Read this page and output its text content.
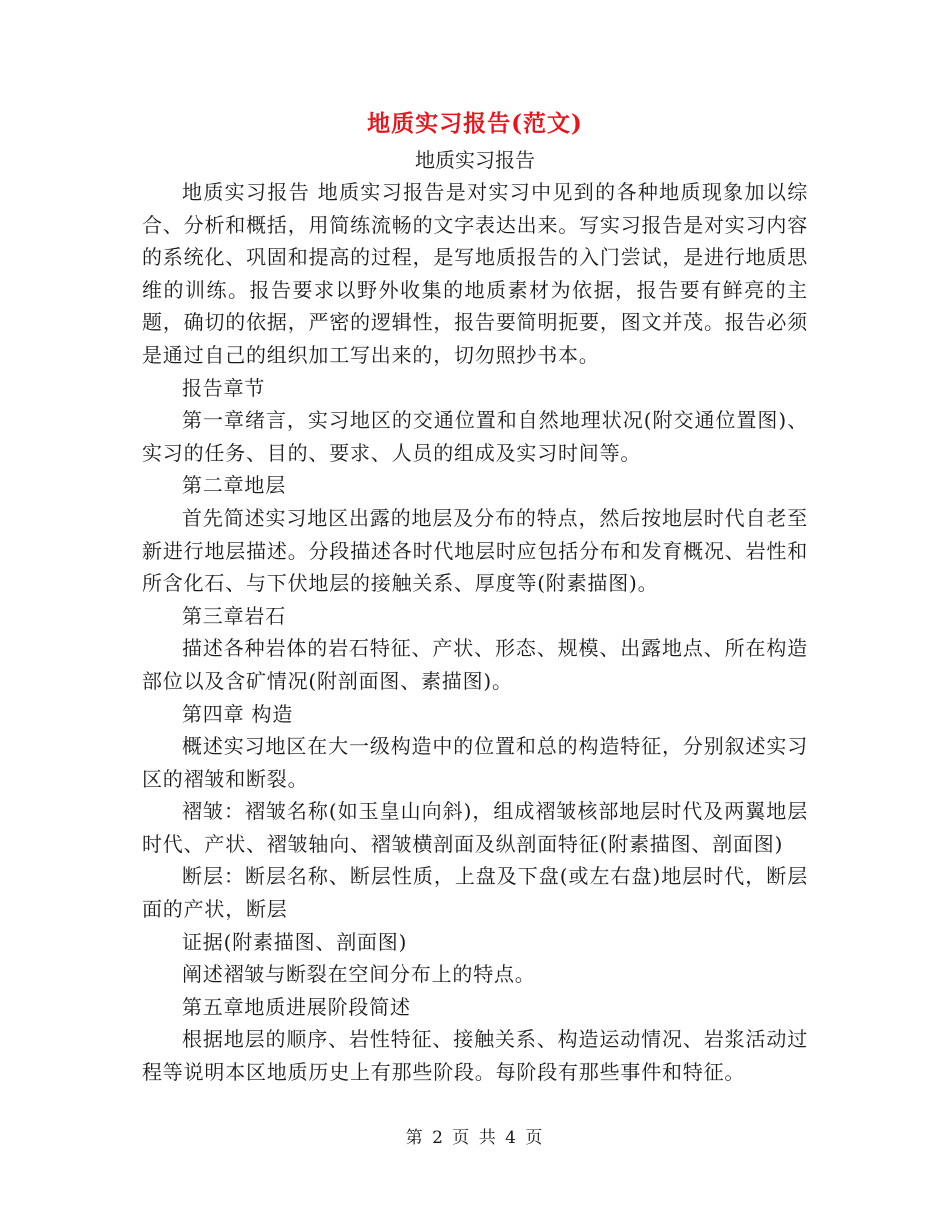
地质实习报告(范文)
地质实习报告

地质实习报告 地质实习报告是对实习中见到的各种地质现象加以综合、分析和概括，用简练流畅的文字表达出来。写实习报告是对实习内容的系统化、巩固和提高的过程，是写地质报告的入门尝试，是进行地质思维的训练。报告要求以野外收集的地质素材为依据，报告要有鲜亮的主题，确切的依据，严密的逻辑性，报告要简明扼要，图文并茂。报告必须是通过自己的组织加工写出来的，切勿照抄书本。

报告章节

第一章绪言，实习地区的交通位置和自然地理状况(附交通位置图)、实习的任务、目的、要求、人员的组成及实习时间等。

第二章地层

首先简述实习地区出露的地层及分布的特点，然后按地层时代自老至新进行地层描述。分段描述各时代地层时应包括分布和发育概况、岩性和所含化石、与下伏地层的接触关系、厚度等(附素描图)。

第三章岩石

描述各种岩体的岩石特征、产状、形态、规模、出露地点、所在构造部位以及含矿情况(附剖面图、素描图)。

第四章 构造

概述实习地区在大一级构造中的位置和总的构造特征，分别叙述实习区的褶皱和断裂。

褶皱：褶皱名称(如玉皇山向斜)，组成褶皱核部地层时代及两翼地层时代、产状、褶皱轴向、褶皱横剖面及纵剖面特征(附素描图、剖面图)

断层：断层名称、断层性质，上盘及下盘(或左右盘)地层时代，断层面的产状，断层

证据(附素描图、剖面图)

阐述褶皱与断裂在空间分布上的特点。

第五章地质进展阶段简述

根据地层的顺序、岩性特征、接触关系、构造运动情况、岩浆活动过程等说明本区地质历史上有那些阶段。每阶段有那些事件和特征。

第 2 页 共 4 页
